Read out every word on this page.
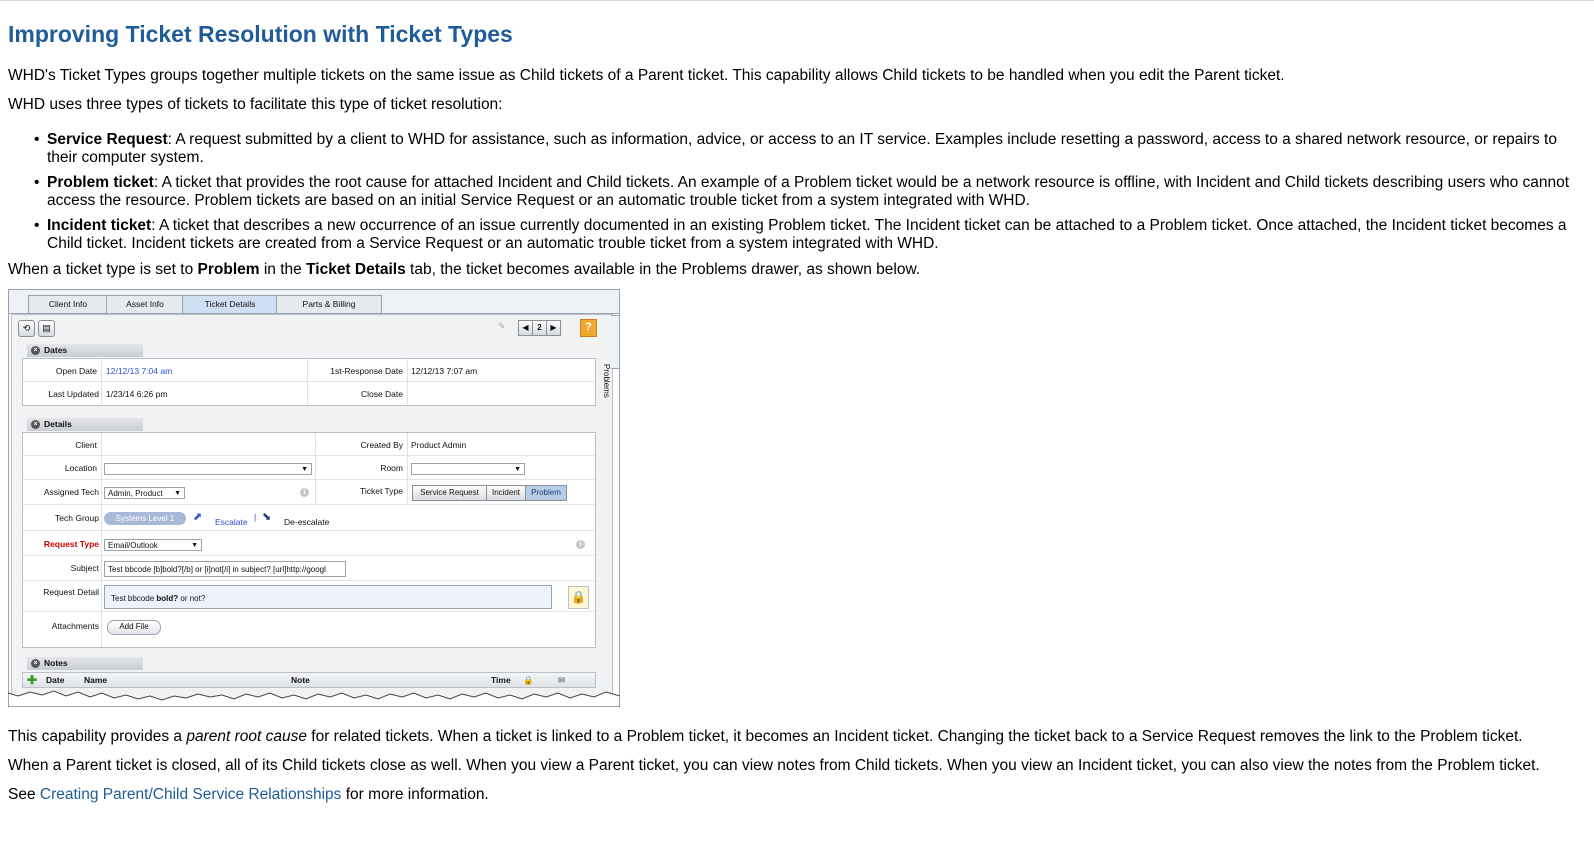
Improving Ticket Resolution with Ticket Types

WHD's Ticket Types groups together multiple tickets on the same issue as Child tickets of a Parent ticket. This capability allows Child tickets to be handled when you edit the Parent ticket.

WHD uses three types of tickets to facilitate this type of ticket resolution:

• Service Request: A request submitted by a client to WHD for assistance, such as information, advice, or access to an IT service. Examples include resetting a password, access to a shared network resource, or repairs to their computer system.
• Problem ticket: A ticket that provides the root cause for attached Incident and Child tickets. An example of a Problem ticket would be a network resource is offline, with Incident and Child tickets describing users who cannot access the resource. Problem tickets are based on an initial Service Request or an automatic trouble ticket from a system integrated with WHD.
• Incident ticket: A ticket that describes a new occurrence of an issue currently documented in an existing Problem ticket. The Incident ticket can be attached to a Problem ticket. Once attached, the Incident ticket becomes a Child ticket. Incident tickets are created from a Service Request or an automatic trouble ticket from a system integrated with WHD.

When a ticket type is set to Problem in the Ticket Details tab, the ticket becomes available in the Problems drawer, as shown below.

Client Info	Asset Info	Ticket Details	Parts & Billing
⟲	▤	✎	◀	2	▶	?
× Dates
Open Date 12/12/13 7:04 am	1st-Response Date 12/12/13 7:07 am
Last Updated 1/23/14 6:26 pm	Close Date
× Details
Client	Created By Product Admin
Location	▼	Room	▼
Assigned Tech	Admin, Product ▼	i	Ticket Type	Service Request	Incident	Problem
Tech Group	Systems Level 1	⬈ Escalate | ⬊ De-escalate
Request Type	Email/Outlook	▼	i
Subject	Test bbcode [b]bold?[/b] or [i]not[/i] in subject? [url]http://googl
Request Detail
Test bbcode bold? or not?	🔒
Attachments	Add File
× Notes
✚ Date Name	Note	Time 🔒	✉
Problems

This capability provides a parent root cause for related tickets. When a ticket is linked to a Problem ticket, it becomes an Incident ticket. Changing the ticket back to a Service Request removes the link to the Problem ticket.

When a Parent ticket is closed, all of its Child tickets close as well. When you view a Parent ticket, you can view notes from Child tickets. When you view an Incident ticket, you can also view the notes from the Problem ticket.

See Creating Parent/Child Service Relationships for more information.
